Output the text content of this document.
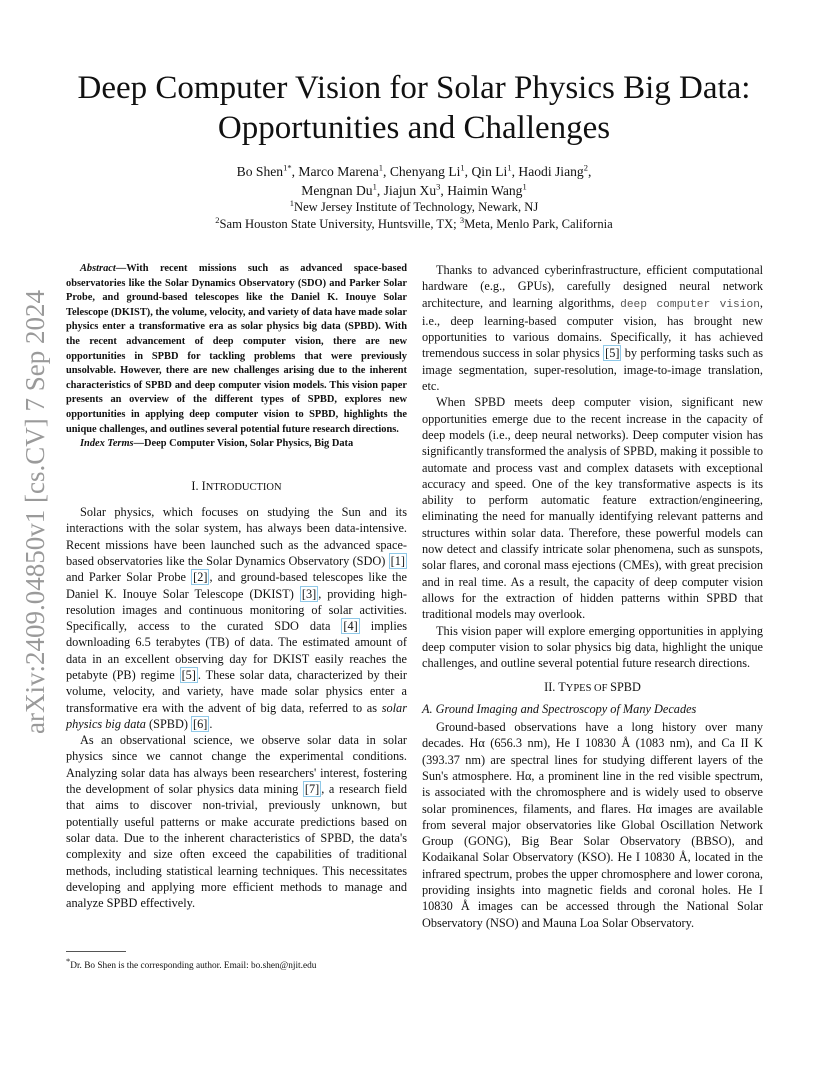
arXiv:2409.04850v1 [cs.CV] 7 Sep 2024
Deep Computer Vision for Solar Physics Big Data:
Opportunities and Challenges
Bo Shen$^{1*}$, Marco Marena$^1$, Chenyang Li$^1$, Qin Li$^1$, Haodi Jiang$^2$,
Mengnan Du$^1$, Jiajun Xu$^3$, Haimin Wang$^1$
$^1$New Jersey Institute of Technology, Newark, NJ
$^2$Sam Houston State University, Huntsville, TX; $^3$Meta, Menlo Park, California

Abstract—With recent missions such as advanced space-based observatories like the Solar Dynamics Observatory (SDO) and Parker Solar Probe, and ground-based telescopes like the Daniel K. Inouye Solar Telescope (DKIST), the volume, velocity, and variety of data have made solar physics enter a transformative era as solar physics big data (SPBD). With the recent advancement of deep computer vision, there are new opportunities in SPBD for tackling problems that were previously unsolvable. However, there are new challenges arising due to the inherent characteristics of SPBD and deep computer vision models. This vision paper presents an overview of the different types of SPBD, explores new opportunities in applying deep computer vision to SPBD, highlights the unique challenges, and outlines several potential future research directions.

Index Terms—Deep Computer Vision, Solar Physics, Big Data

I. INTRODUCTION

Solar physics, which focuses on studying the Sun and its interactions with the solar system, has always been data-intensive. Recent missions have been launched such as the advanced space-based observatories like the Solar Dynamics Observatory (SDO) [1] and Parker Solar Probe [2] , and ground-based telescopes like the Daniel K. Inouye Solar Telescope (DKIST) [3] , providing high-resolution images and continuous monitoring of solar activities. Specifically, access to the curated SDO data [4] implies downloading 6.5 terabytes (TB) of data. The estimated amount of data in an excellent observing day for DKIST easily reaches the petabyte (PB) regime [5] . These solar data, characterized by their volume, velocity, and variety, have made solar physics enter a transformative era with the advent of big data, referred to as solar physics big data (SPBD) [6] .

As an observational science, we observe solar data in solar physics since we cannot change the experimental conditions. Analyzing solar data has always been researchers' interest, fostering the development of solar physics data mining [7] , a research field that aims to discover non-trivial, previously unknown, but potentially useful patterns or make accurate predictions based on solar data. Due to the inherent characteristics of SPBD, the data's complexity and size often exceed the capabilities of traditional methods, including statistical learning techniques. This necessitates developing and applying more efficient methods to manage and analyze SPBD effectively.

*Dr. Bo Shen is the corresponding author. Email: bo.shen@njit.edu

Thanks to advanced cyberinfrastructure, efficient computational hardware (e.g., GPUs), carefully designed neural network architecture, and learning algorithms, deep computer vision, i.e., deep learning-based computer vision, has brought new opportunities to various domains. Specifically, it has achieved tremendous success in solar physics [5] by performing tasks such as image segmentation, super-resolution, image-to-image translation, etc.

When SPBD meets deep computer vision, significant new opportunities emerge due to the recent increase in the capacity of deep models (i.e., deep neural networks). Deep computer vision has significantly transformed the analysis of SPBD, making it possible to automate and process vast and complex datasets with exceptional accuracy and speed. One of the key transformative aspects is its ability to perform automatic feature extraction/engineering, eliminating the need for manually identifying relevant patterns and structures within solar data. Therefore, these powerful models can now detect and classify intricate solar phenomena, such as sunspots, solar flares, and coronal mass ejections (CMEs), with great precision and in real time. As a result, the capacity of deep computer vision allows for the extraction of hidden patterns within SPBD that traditional models may overlook.

This vision paper will explore emerging opportunities in applying deep computer vision to solar physics big data, highlight the unique challenges, and outline several potential future research directions.

II. TYPES OF SPBD

A. Ground Imaging and Spectroscopy of Many Decades

Ground-based observations have a long history over many decades. Hα (656.3 nm), He I 10830 Å (1083 nm), and Ca II K (393.37 nm) are spectral lines for studying different layers of the Sun's atmosphere. Hα, a prominent line in the red visible spectrum, is associated with the chromosphere and is widely used to observe solar prominences, filaments, and flares. Hα images are available from several major observatories like Global Oscillation Network Group (GONG), Big Bear Solar Observatory (BBSO), and Kodaikanal Solar Observatory (KSO). He I 10830 Å, located in the infrared spectrum, probes the upper chromosphere and lower corona, providing insights into magnetic fields and coronal holes. He I 10830 Å images can be accessed through the National Solar Observatory (NSO) and Mauna Loa Solar Observatory.
